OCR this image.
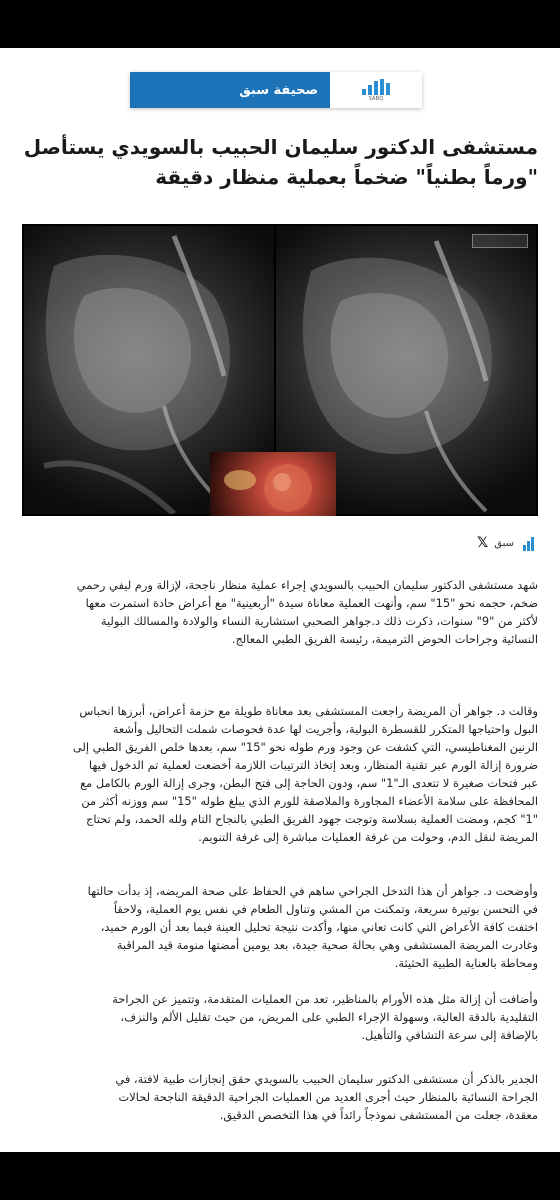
SABQ
صحيفة سبق
مستشفى الدكتور سليمان الحبيب بالسويدي يستأصل "ورماً بطنياً" ضخماً بعملية منظار دقيقة
سبق
𝕏

شهد مستشفى الدكتور سليمان الحبيب بالسويدي إجراء عملية منظار ناجحة، لإزالة ورم ليفي رحمي
ضخم، حجمه نحو "15" سم، وأنهت العملية معاناة سيدة "أربعينية" مع أعراض حادة استمرت معها
لأكثر من "9" سنوات، ذكرت ذلك د.جواهر الصحبي استشارية النساء والولادة والمسالك البولية
النسائية وجراحات الحوض الترميمة، رئيسة الفريق الطبي المعالج.

وقالت د. جواهر أن المريضة راجعت المستشفى بعد معاناة طويلة مع حزمة أعراض، أبرزها انحباس
البول واحتياجها المتكرر للقسطرة البولية، وأجريت لها عدة فحوصات شملت التحاليل وأشعة
الرنين المغناطيسي، التي كشفت عن وجود ورم طوله نحو "15" سم، بعدها خلص الفريق الطبي إلى
ضرورة إزالة الورم عبر تقنية المنظار، وبعد إتخاذ الترتيبات اللازمة أخضعت لعملية تم الدخول فيها
عبر فتحات صغيرة لا تتعدى الـ"1" سم، ودون الحاجة إلى فتح البطن، وجرى إزالة الورم بالكامل مع
المحافظة على سلامة الأعضاء المجاورة والملاصقة للورم الذي يبلغ طوله "15" سم ووزنه أكثر من
"1" كجم، ومضت العملية بسلاسة وتوجت جهود الفريق الطبي بالنجاح التام ولله الحمد، ولم تحتاج
المريضة لنقل الدم، وحولت من غرفة العمليات مباشرة إلى غرفة التنويم.

وأوضحت د. جواهر أن هذا التدخل الجراحي ساهم في الحفاظ على صحة المريضه، إذ بدأت حالتها
في التحسن بوتيرة سريعة، وتمكنت من المشي وتناول الطعام في نفس يوم العملية، ولاحقاً
اختفت كافة الأعراض التي كانت تعاني منها، وأكدت نتيجة تحليل العينة فيما بعد أن الورم حميد،
وغادرت المريضة المستشفى وهي بحالة صحية جيدة، بعد يومين أمضتها منومة قيد المراقبة
ومحاطة بالعناية الطبية الحثيثة.

وأضافت أن إزالة مثل هذه الأورام بالمناظير، تعد من العمليات المتقدمة، وتتميز عن الجراحة
التقليدية بالدقة العالية، وسهولة الإجراء الطبي على المريض، من حيث تقليل الألم والنزف،
بالإضافة إلى سرعة التشافي والتأهيل.

الجدير بالذكر أن مستشفى الدكتور سليمان الحبيب بالسويدي حقق إنجازات طبية لافتة، في
الجراحة النسائية بالمنظار حيث أجرى العديد من العمليات الجراحية الدقيقة الناجحة لحالات
معقدة، جعلت من المستشفى نموذجاً رائداً في هذا التخصص الدقيق.
